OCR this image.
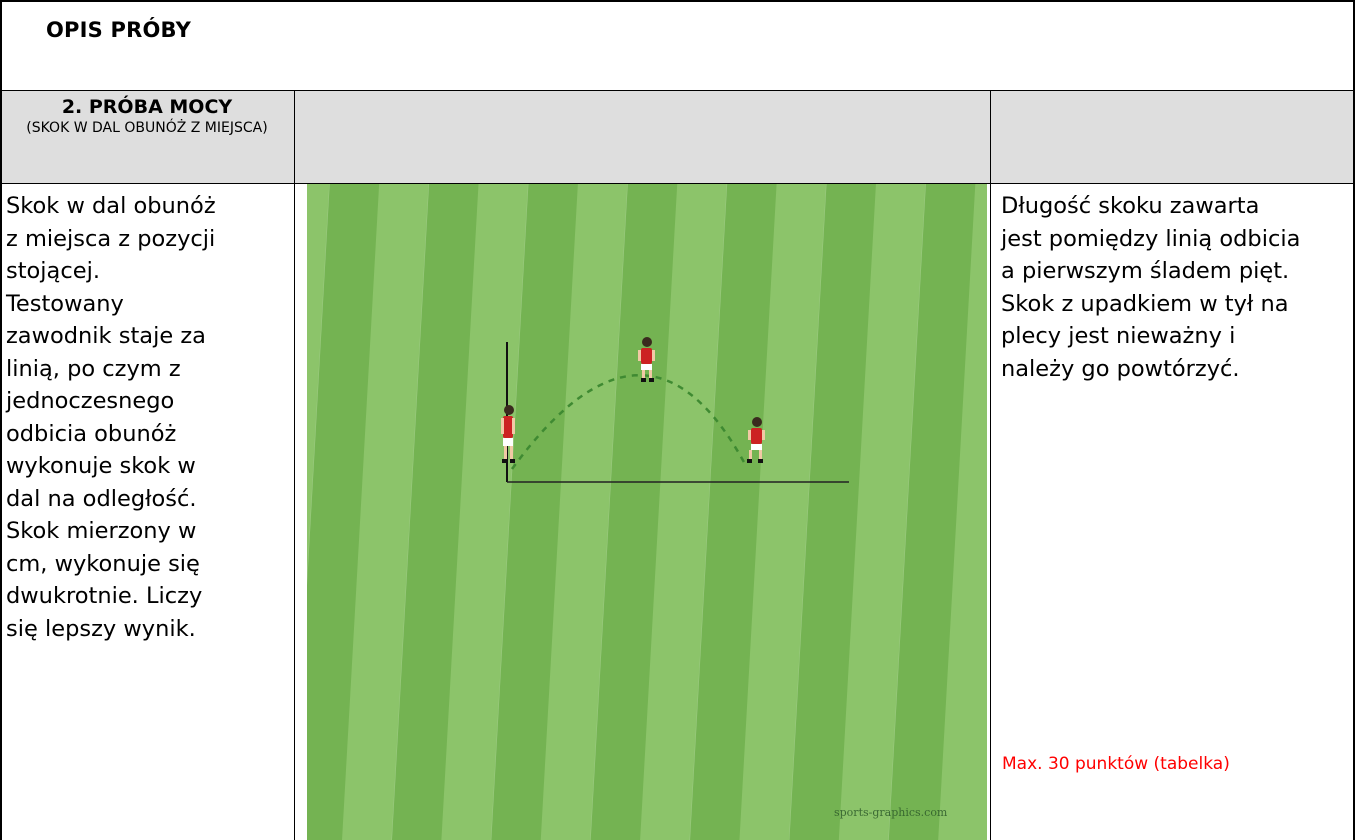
OPIS PRÓBY
2. PRÓBA MOCY
(SKOK W DAL OBUNÓŻ Z MIEJSCA)
Skok w dal obunóż
z miejsca z pozycji
stojącej.
Testowany
zawodnik staje za
linią, po czym z
jednoczesnego
odbicia obunóż
wykonuje skok w
dal na odległość.
Skok mierzony w
cm, wykonuje się
dwukrotnie. Liczy
się lepszy wynik.
sports-graphics.com
Długość skoku zawarta
jest pomiędzy linią odbicia
a pierwszym śladem pięt.
Skok z upadkiem w tył na
plecy jest nieważny i
należy go powtórzyć.
Max. 30 punktów (tabelka)
